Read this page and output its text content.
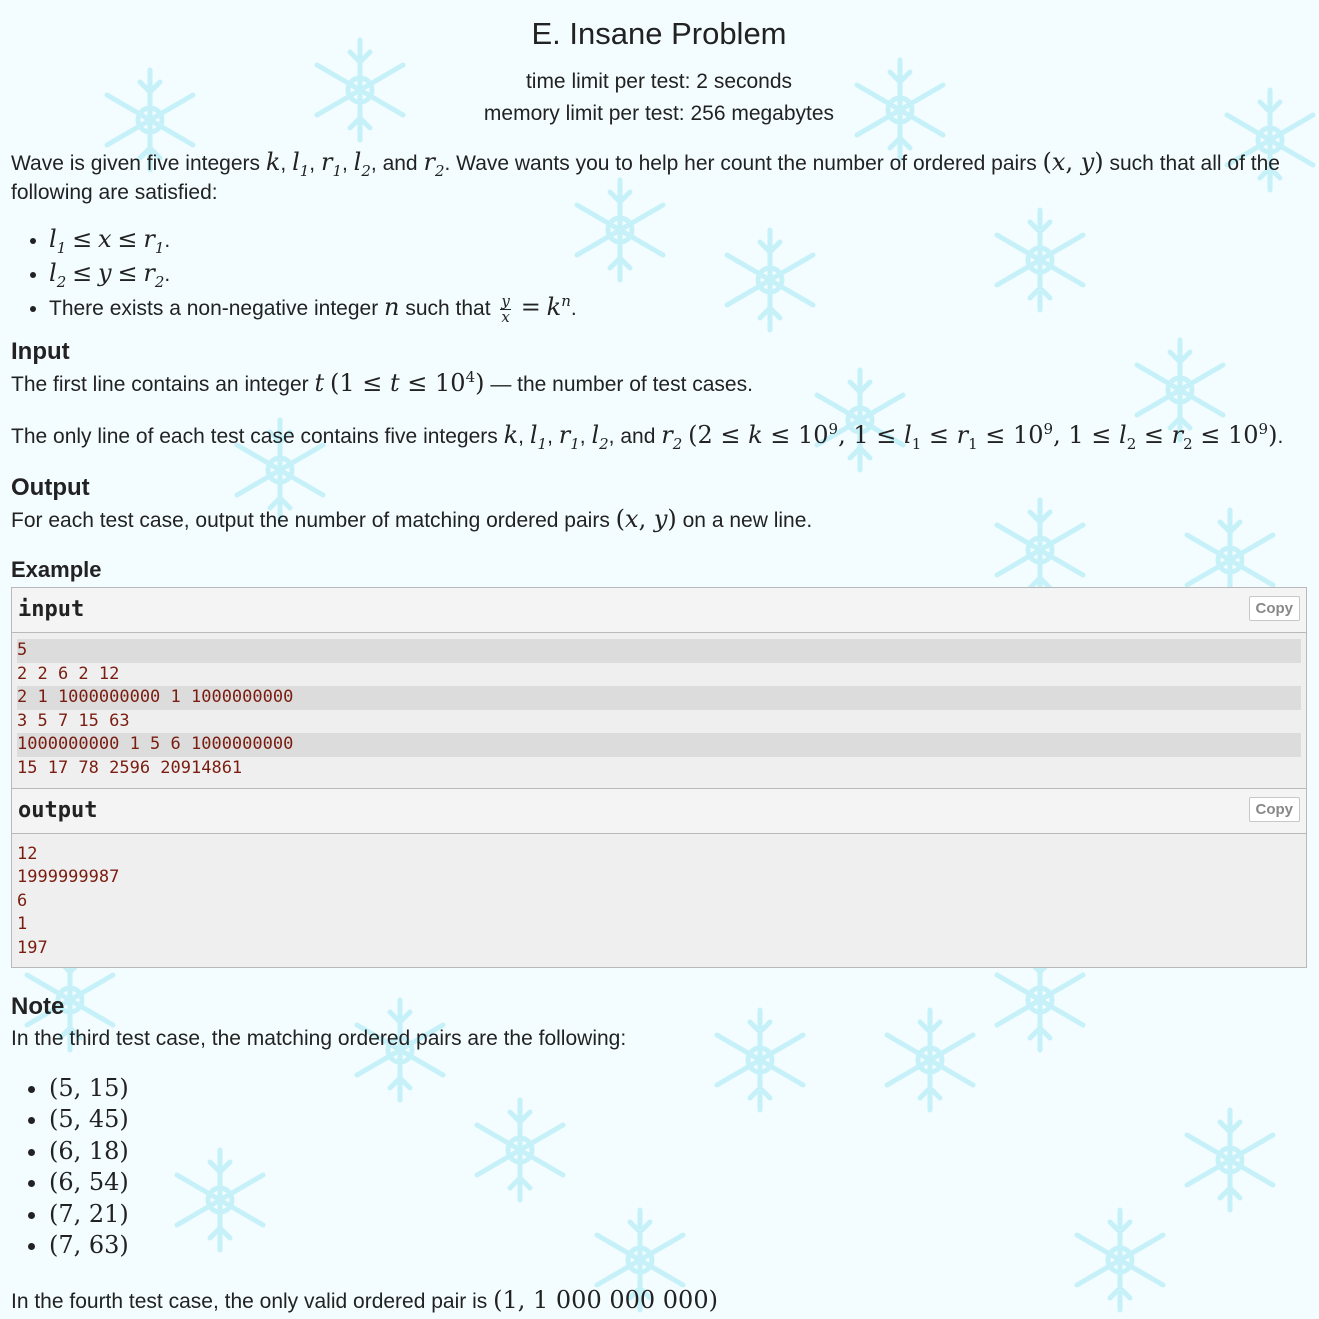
E. Insane Problem
time limit per test: 2 seconds
memory limit per test: 256 megabytes

Wave is given five integers k, $l_1$, $r_1$, $l_2$, and $r_2$. Wave wants you to help her count the number of ordered pairs (x, y) such that all of the following are satisfied:

• $l_1 \le x \le r_1$.
• $l_2 \le y \le r_2$.
• There exists a non-negative integer n such that $\frac{y}{x} = k^n$.
Input

The first line contains an integer t $(1 \le t \le 10^4)$ — the number of test cases.

The only line of each test case contains five integers k, $l_1$, $r_1$, $l_2$, and $r_2$ ($2 \le k \le 10^9$, $1 \le l_1 \le r_1 \le 10^9$, $1 \le l_2 \le r_2 \le 10^9$).

Output

For each test case, output the number of matching ordered pairs (x, y) on a new line.

Example
input	Copy
5
2 2 6 2 12
2 1 1000000000 1 1000000000
3 5 7 15 63
1000000000 1 5 6 1000000000
15 17 78 2596 20914861
output	Copy
12
1999999987
6
1
197
Note

In the third test case, the matching ordered pairs are the following:

• (5, 15)
• (5, 45)
• (6, 18)
• (6, 54)
• (7, 21)
• (7, 63)

In the fourth test case, the only valid ordered pair is (1, 1 000 000 000)
